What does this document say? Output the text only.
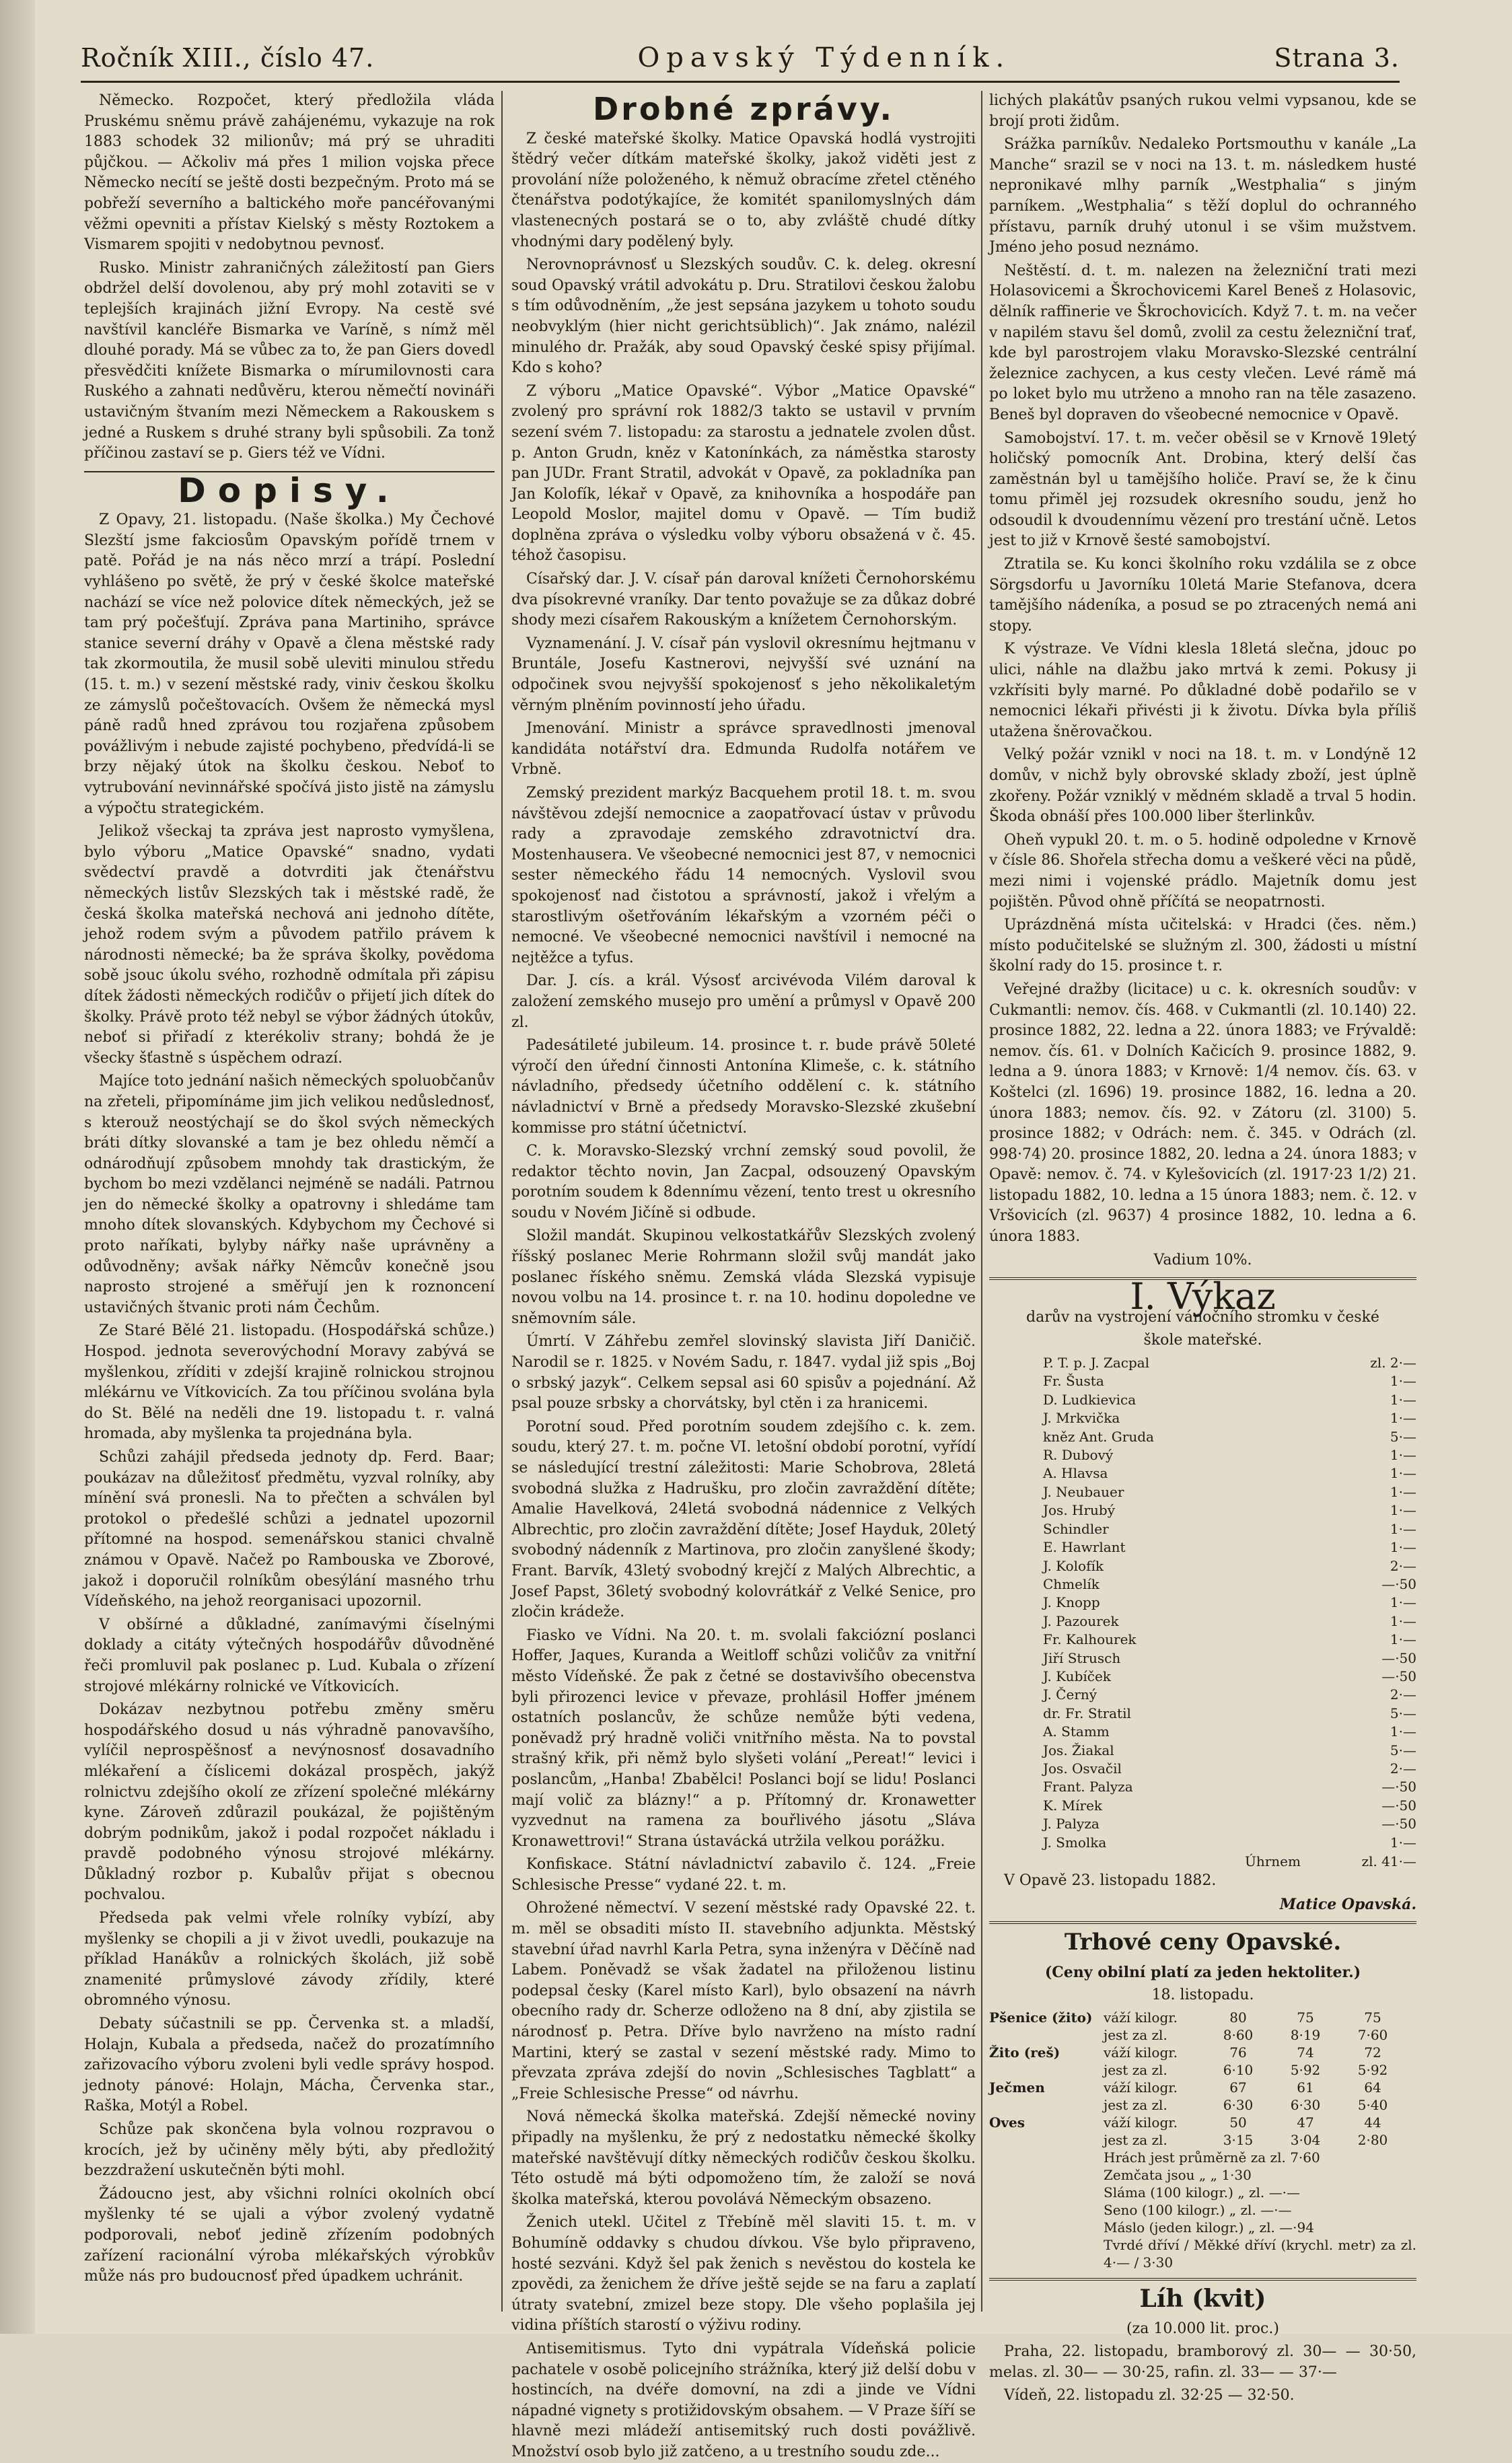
Ročník XIII., číslo 47.	Opavský Týdenník.	Strana 3.

Německo. Rozpočet, který předložila vláda Pruskému sněmu právě zahájenému, vykazuje na rok 1883 schodek 32 milionův; má prý se uhraditi půjčkou. — Ačkoliv má přes 1 milion vojska přece Německo necítí se ještě dosti bezpečným. Proto má se pobřeží severního a baltického moře pancéřovanými věžmi opevniti a přístav Kielský s městy Roztokem a Vismarem spojiti v nedobytnou pevnosť.

Rusko. Ministr zahraničných záležitostí pan Giers obdržel delší dovolenou, aby prý mohl zotaviti se v teplejších krajinách jižní Evropy. Na cestě své navštívil kancléře Bismarka ve Varíně, s nímž měl dlouhé porady. Má se vůbec za to, že pan Giers dovedl přesvědčiti knížete Bismarka o mírumilovnosti cara Ruského a zahnati nedůvěru, kterou němečtí novináři ustavičným štvaním mezi Německem a Rakouskem s jedné a Ruskem s druhé strany byli spůsobili. Za tonž příčinou zastaví se p. Giers též ve Vídni.

Dopisy.

Z Opavy, 21. listopadu. (Naše školka.) My Čechové Slezští jsme fakciosům Opavským pořídě trnem v patě. Pořád je na nás něco mrzí a trápí. Poslední vyhlášeno po světě, že prý v české školce mateřské nachází se více než polovice dítek německých, jež se tam prý počešťují. Zpráva pana Martiniho, správce stanice severní dráhy v Opavě a člena městské rady tak zkormoutila, že musil sobě uleviti minulou středu (15. t. m.) v sezení městské rady, viniv českou školku ze zámyslů počeštovacích. Ovšem že německá mysl páně radů hned zprávou tou rozjařena způsobem povážlivým i nebude zajisté pochybeno, předvídá-li se brzy nějaký útok na školku českou. Neboť to vytrubování nevinnářské spočívá jisto jistě na zámyslu a výpočtu strategickém.

Jelikož všeckaj ta zpráva jest naprosto vymyšlena, bylo výboru „Matice Opavské“ snadno, vydati svědectví pravdě a dotvrditi jak čtenářstvu německých listův Slezských tak i městské radě, že česká školka mateřská nechová ani jednoho dítěte, jehož rodem svým a původem patřilo právem k národnosti německé; ba že správa školky, povědoma sobě jsouc úkolu svého, rozhodně odmítala při zápisu dítek žádosti německých rodičův o přijetí jich dítek do školky. Právě proto též nebyl se výbor žádných útokův, neboť si přiřadí z kterékoliv strany; bohdá že je všecky šťastně s úspěchem odrazí.

Majíce toto jednání našich německých spoluobčanův na zřeteli, připomínáme jim jich velikou nedůslednosť, s kterouž neostýchají se do škol svých německých bráti dítky slovanské a tam je bez ohledu němčí a odnárodňují způsobem mnohdy tak drastickým, že bychom bo mezi vzdělanci nejméně se nadáli. Patrnou jen do německé školky a opatrovny i shledáme tam mnoho dítek slovanských. Kdybychom my Čechové si proto naříkati, bylyby nářky naše uprávněny a odůvodněny; avšak nářky Němcův konečně jsou naprosto strojené a směřují jen k roznoncení ustavičných štvanic proti nám Čechům.

Ze Staré Bělé 21. listopadu. (Hospodářská schůze.) Hospod. jednota severovýchodní Moravy zabývá se myšlenkou, zříditi v zdejší krajině rolnickou strojnou mlékárnu ve Vítkovicích. Za tou příčinou svolána byla do St. Bělé na neděli dne 19. listopadu t. r. valná hromada, aby myšlenka ta projednána byla.

Schůzi zahájil předseda jednoty dp. Ferd. Baar; poukázav na důležitosť předmětu, vyzval rolníky, aby mínění svá pronesli. Na to přečten a schválen byl protokol o předešlé schůzi a jednatel upozornil přítomné na hospod. semenářskou stanici chvalně známou v Opavě. Načež po Rambouska ve Zborové, jakož i doporučil rolníkům obesýlání masného trhu Vídeňského, na jehož reorganisaci upozornil.

V obšírné a důkladné, zanímavými číselnými doklady a citáty výtečných hospodářův důvodněné řeči promluvil pak poslanec p. Lud. Kubala o zřízení strojové mlékárny rolnické ve Vítkovicích.

Dokázav nezbytnou potřebu změny směru hospodářského dosud u nás výhradně panovavšího, vylíčil neprospěšnosť a nevýnosnosť dosavadního mlékaření a číslicemi dokázal prospěch, jakýž rolnictvu zdejšího okolí ze zřízení společné mlékárny kyne. Zároveň zdůrazil poukázal, že pojištěným dobrým podnikům, jakož i podal rozpočet nákladu i pravdě podobného výnosu strojové mlékárny. Důkladný rozbor p. Kubalův přijat s obecnou pochvalou.

Předseda pak velmi vřele rolníky vybízí, aby myšlenky se chopili a ji v život uvedli, poukazuje na příklad Hanákův a rolnických školách, již sobě znamenité průmyslové závody zřídily, které obromného výnosu.

Debaty súčastnili se pp. Červenka st. a mladší, Holajn, Kubala a předseda, načež do prozatímního zařizovacího výboru zvoleni byli vedle správy hospod. jednoty pánové: Holajn, Mácha, Červenka star., Raška, Motýl a Robel.

Schůze pak skončena byla volnou rozpravou o krocích, jež by učiněny měly býti, aby předložitý bezzdražení uskutečněn býti mohl.

Žádoucno jest, aby všichni rolníci okolních obcí myšlenky té se ujali a výbor zvolený vydatně podporovali, neboť jedině zřízením podobných zařízení racionální výroba mlékařských výrobkův může nás pro budoucnosť před úpadkem uchránit.

Drobné zprávy.

Z české mateřské školky. Matice Opavská hodlá vystrojiti štědrý večer dítkám mateřské školky, jakož viděti jest z provolání níže položeného, k němuž obracíme zřetel ctěného čtenářstva podotýkajíce, že komitét spanilomyslných dám vlastenecných postará se o to, aby zvláště chudé dítky vhodnými dary podělený byly.

Nerovnoprávnosť u Slezských soudův. C. k. deleg. okresní soud Opavský vrátil advokátu p. Dru. Stratilovi českou žalobu s tím odůvodněním, „že jest sepsána jazykem u tohoto soudu neobvyklým (hier nicht gerichtsüblich)“. Jak známo, nalézil minulého dr. Pražák, aby soud Opavský české spisy přijímal. Kdo s koho?

Z výboru „Matice Opavské“. Výbor „Matice Opavské“ zvolený pro správní rok 1882/3 takto se ustavil v prvním sezení svém 7. listopadu: za starostu a jednatele zvolen důst. p. Anton Grudn, kněz v Katonínkách, za náměstka starosty pan JUDr. Frant Stratil, advokát v Opavě, za pokladníka pan Jan Kolofík, lékař v Opavě, za knihovníka a hospodáře pan Leopold Moslor, majitel domu v Opavě. — Tím budiž doplněna zpráva o výsledku volby výboru obsažená v č. 45. téhož časopisu.

Císařský dar. J. V. císař pán daroval knížeti Černohorskému dva písokrevné vraníky. Dar tento považuje se za důkaz dobré shody mezi císařem Rakouským a knížetem Černohorským.

Vyznamenání. J. V. císař pán vyslovil okresnímu hejtmanu v Bruntále, Josefu Kastnerovi, nejvyšší své uznání na odpočinek svou nejvyšší spokojenosť s jeho několikaletým věrným plněním povinností jeho úřadu.

Jmenování. Ministr a správce spravedlnosti jmenoval kandidáta notářství dra. Edmunda Rudolfa notářem ve Vrbně.

Zemský prezident markýz Bacquehem protil 18. t. m. svou návštěvou zdejší nemocnice a zaopatřovací ústav v průvodu rady a zpravodaje zemského zdravotnictví dra. Mostenhausera. Ve všeobecné nemocnici jest 87, v nemocnici sester německého řádu 14 nemocných. Vyslovil svou spokojenosť nad čistotou a správností, jakož i vřelým a starostlivým ošetřováním lékařským a vzorném péči o nemocné. Ve všeobecné nemocnici navštívil i nemocné na nejtěžce a tyfus.

Dar. J. cís. a král. Výsosť arcivévoda Vilém daroval k založení zemského musejo pro umění a průmysl v Opavě 200 zl.

Padesátileté jubileum. 14. prosince t. r. bude právě 50leté výročí den úřední činnosti Antonína Klimeše, c. k. státního návladního, předsedy účetního oddělení c. k. státního návladnictví v Brně a předsedy Moravsko-Slezské zkušební kommisse pro státní účetnictví.

C. k. Moravsko-Slezský vrchní zemský soud povolil, že redaktor těchto novin, Jan Zacpal, odsouzený Opavským porotním soudem k 8dennímu vězení, tento trest u okresního soudu v Novém Jičíně si odbude.

Složil mandát. Skupinou velkostatkářův Slezských zvolený říšský poslanec Merie Rohrmann složil svůj mandát jako poslanec říského sněmu. Zemská vláda Slezská vypisuje novou volbu na 14. prosince t. r. na 10. hodinu dopoledne ve sněmovním sále.

Úmrtí. V Záhřebu zemřel slovinský slavista Jiří Daničič. Narodil se r. 1825. v Novém Sadu, r. 1847. vydal již spis „Boj o srbský jazyk“. Celkem sepsal asi 60 spisův a pojednání. Až psal pouze srbsky a chorvátsky, byl ctěn i za hranicemi.

Porotní soud. Před porotním soudem zdejšího c. k. zem. soudu, který 27. t. m. počne VI. letošní období porotní, vyřídí se následující trestní záležitosti: Marie Schobrova, 28letá svobodná služka z Hadrušku, pro zločin zavraždění dítěte; Amalie Havelková, 24letá svobodná nádennice z Velkých Albrechtic, pro zločin zavraždění dítěte; Josef Hayduk, 20letý svobodný nádenník z Martinova, pro zločin zanyšlené škody; Frant. Barvík, 43letý svobodný krejčí z Malých Albrechtic, a Josef Papst, 36letý svobodný kolovrátkář z Velké Senice, pro zločin krádeže.

Fiasko ve Vídni. Na 20. t. m. svolali fakciózní poslanci Hoffer, Jaques, Kuranda a Weitloff schůzi voličův za vnitřní město Vídeňské. Že pak z četné se dostavivšího obecenstva byli přirozenci levice v převaze, prohlásil Hoffer jménem ostatních poslancův, že schůze nemůže býti vedena, poněvadž prý hradně voliči vnitřního města. Na to povstal strašný křik, při němž bylo slyšeti volání „Pereat!“ levici i poslancům, „Hanba! Zbabělci! Poslanci bojí se lidu! Poslanci mají volič za blázny!“ a p. Přítomný dr. Kronawetter vyzvednut na ramena za bouřlivého jásotu „Sláva Kronawettrovi!“ Strana ústavácká utržila velkou porážku.

Konfiskace. Státní návladnictví zabavilo č. 124. „Freie Schlesische Presse“ vydané 22. t. m.

Ohrožené němectví. V sezení městské rady Opavské 22. t. m. měl se obsaditi místo II. stavebního adjunkta. Městský stavební úřad navrhl Karla Petra, syna inženýra v Děčíně nad Labem. Poněvadž se však žadatel na přiloženou listinu podepsal česky (Karel místo Karl), bylo obsazení na návrh obecního rady dr. Scherze odloženo na 8 dní, aby zjistila se národnosť p. Petra. Dříve bylo navrženo na místo radní Martini, který se zastal v sezení městské rady. Mimo to převzata zpráva zdejší do novin „Schlesisches Tagblatt“ a „Freie Schlesische Presse“ od návrhu.

Nová německá školka mateřská. Zdejší německé noviny připadly na myšlenku, že prý z nedostatku německé školky mateřské navštěvují dítky německých rodičův českou školku. Této ostudě má býti odpomoženo tím, že založí se nová školka mateřská, kterou povolává Německým obsazeno.

Ženich utekl. Učitel z Třebíně měl slaviti 15. t. m. v Bohumíně oddavky s chudou dívkou. Vše bylo připraveno, hosté sezváni. Když šel pak ženich s nevěstou do kostela ke zpovědi, za ženichem že dříve ještě sejde se na faru a zaplatí útraty svatební, zmizel beze stopy. Dle všeho poplašila jej vidina příštích starostí o výživu rodiny.

Antisemitismus. Tyto dni vypátrala Vídeňská policie pachatele v osobě policejního strážníka, který již delší dobu v hostincích, na dvéře domovní, na zdi a jinde ve Vídni nápadné vignety s protižidovským obsahem. — V Praze šíří se hlavně mezi mládeží antisemitský ruch dosti povážlivě. Množství osob bylo již zatčeno, a u trestního soudu zde...

lichých plakátův psaných rukou velmi vypsanou, kde se brojí proti židům.

Srážka parníkův. Nedaleko Portsmouthu v kanále „La Manche“ srazil se v noci na 13. t. m. následkem husté nepronikavé mlhy parník „Westphalia“ s jiným parníkem. „Westphalia“ s těží doplul do ochranného přístavu, parník druhý utonul i se všim mužstvem. Jméno jeho posud neznámo.

Neštěstí. d. t. m. nalezen na železniční trati mezi Holasovicemi a Škrochovicemi Karel Beneš z Holasovic, dělník raffinerie ve Škrochovicích. Když 7. t. m. na večer v napilém stavu šel domů, zvolil za cestu železniční trať, kde byl parostrojem vlaku Moravsko-Slezské centrální železnice zachycen, a kus cesty vlečen. Levé rámě má po loket bylo mu utrženo a mnoho ran na těle zasazeno. Beneš byl dopraven do všeobecné nemocnice v Opavě.

Samobojství. 17. t. m. večer oběsil se v Krnově 19letý holičský pomocník Ant. Drobina, který delší čas zaměstnán byl u tamějšího holiče. Praví se, že k činu tomu přiměl jej rozsudek okresního soudu, jenž ho odsoudil k dvoudennímu vězení pro trestání učně. Letos jest to již v Krnově šesté samobojství.

Ztratila se. Ku konci školního roku vzdálila se z obce Sörgsdorfu u Javorníku 10letá Marie Stefanova, dcera tamějšího nádeníka, a posud se po ztracených nemá ani stopy.

K výstraze. Ve Vídni klesla 18letá slečna, jdouc po ulici, náhle na dlažbu jako mrtvá k zemi. Pokusy ji vzkřísiti byly marné. Po důkladné době podařilo se v nemocnici lékaři přivésti ji k životu. Dívka byla příliš utažena šněrovačkou.

Velký požár vznikl v noci na 18. t. m. v Londýně 12 domův, v nichž byly obrovské sklady zboží, jest úplně zkořeny. Požár vzniklý v mědném skladě a trval 5 hodin. Škoda obnáší přes 100.000 liber šterlinkův.

Oheň vypukl 20. t. m. o 5. hodině odpoledne v Krnově v čísle 86. Shořela střecha domu a veškeré věci na půdě, mezi nimi i vojenské prádlo. Majetník domu jest pojištěn. Původ ohně příčítá se neopatrnosti.

Uprázdněná místa učitelská: v Hradci (čes. něm.) místo podučitelské se služným zl. 300, žádosti u místní školní rady do 15. prosince t. r.

Veřejné dražby (licitace) u c. k. okresních soudův: v Cukmantli: nemov. čís. 468. v Cukmantli (zl. 10.140) 22. prosince 1882, 22. ledna a 22. února 1883; ve Frývaldě: nemov. čís. 61. v Dolních Kačicích 9. prosince 1882, 9. ledna a 9. února 1883; v Krnově: 1/4 nemov. čís. 63. v Koštelci (zl. 1696) 19. prosince 1882, 16. ledna a 20. února 1883; nemov. čís. 92. v Zátoru (zl. 3100) 5. prosince 1882; v Odrách: nem. č. 345. v Odrách (zl. 998·74) 20. prosince 1882, 20. ledna a 24. února 1883; v Opavě: nemov. č. 74. v Kylešovicích (zl. 1917·23 1/2) 21. listopadu 1882, 10. ledna a 15 února 1883; nem. č. 12. v Vršovicích (zl. 9637) 4 prosince 1882, 10. ledna a 6. února 1883.

Vadium 10%.

I. Výkaz

darův na vystrojení vánočního stromku v české

škole mateřské.

P. T. p. J. Zacpal	zl. 2·—
Fr. Šusta	1·—
D. Ludkievica	1·—
J. Mrkvička	1·—
kněz Ant. Gruda	5·—
R. Dubový	1·—
A. Hlavsa	1·—
J. Neubauer	1·—
Jos. Hrubý	1·—
Schindler	1·—
E. Hawrlant	1·—
J. Kolofík	2·—
Chmelík	—·50
J. Knopp	1·—
J. Pazourek	1·—
Fr. Kalhourek	1·—
Jiří Strusch	—·50
J. Kubíček	—·50
J. Černý	2·—
dr. Fr. Stratil	5·—
A. Stamm	1·—
Jos. Žiakal	5·—
Jos. Osvačil	2·—
Frant. Palyza	—·50
K. Mírek	—·50
J. Palyza	—·50
J. Smolka	1·—
Úhrnem	zl. 41·—

V Opavě 23. listopadu 1882.

Matice Opavská.

Trhové ceny Opavské.

(Ceny obilní platí za jeden hektoliter.)

18. listopadu.

Pšenice (žito) váží kilogr.	80	75	75
jest za zl.	8·60	8·19	7·60
Žito (reš)	váží kilogr.	76	74	72
jest za zl.	6·10	5·92	5·92
Ječmen	váží kilogr.	67	61	64
jest za zl.	6·30	6·30	5·40
Oves	váží kilogr.	50	47	44
jest za zl.	3·15	3·04	2·80
Hrách jest průměrně za zl. 7·60
Zemčata jsou „ „ 1·30
Sláma (100 kilogr.) „ zl. —·—
Seno (100 kilogr.) „ zl. —·—
Máslo (jeden kilogr.) „ zl. —·94
Tvrdé dříví / Měkké dříví (krychl. metr) za zl. 4·— / 3·30
Líh (kvit)

(za 10.000 lit. proc.)

Praha, 22. listopadu, bramborový zl. 30— — 30·50, melas. zl. 30— — 30·25, rafin. zl. 33— — 37·—

Vídeň, 22. listopadu zl. 32·25 — 32·50.
